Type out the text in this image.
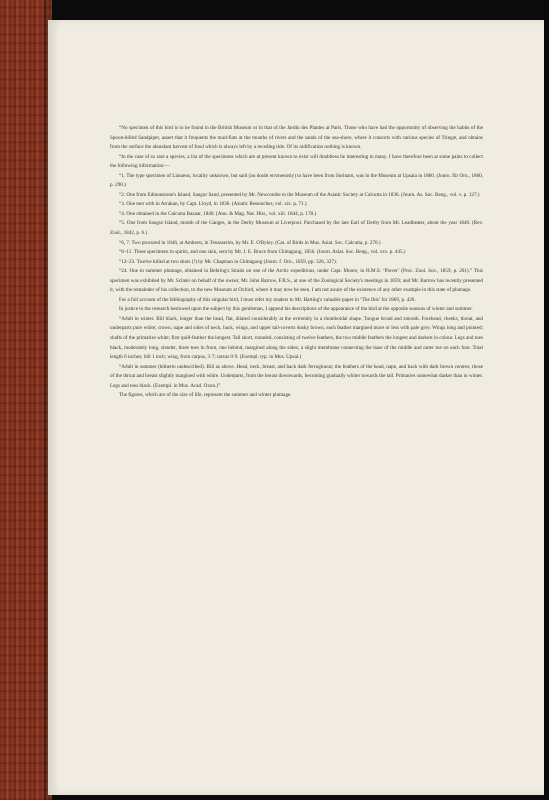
“No specimen of this bird is to be found in the British Museum or in that of the Jardin des Plantes at Paris. Those who have had the opportunity of observing the habits of the Spoon-billed Sandpiper, assert that it frequents the mud-flats at the mouths of rivers and the sands of the sea-shore, where it consorts with various species of Tringæ, and obtains from the surface the abundant harvest of food which is always left by a receding tide. Of its nidification nothing is known.

“In the case of so rare a species, a list of the specimens which are at present known to exist will doubtless be interesting to many. I have therefore been at some pains to collect the following information:—

“1. The type specimen of Linnæus, locality unknown, but said (no doubt erroneously) to have been from Surinam, was in the Museum at Upsala in 1860. (Journ. für Orn., 1860, p. 290.)

“2. One from Edmonstone's Island, Saugur Sand, presented by Mr. Newcombe to the Museum of the Asiatic Society at Calcutta in 1836. (Journ. As. Soc. Beng., vol. v. p. 127.)

“3. One met with in Arrakan, by Capt. Lloyd, in 1836. (Asiatic Researches, vol. xix. p. 71.)

“4. One obtained in the Calcutta Bazaar, 1840. (Ann. & Mag. Nat. Hist., vol. xiii. 1844, p. 178.)

“5. One from Saugur Island, month of the Ganges, in the Derby Museum at Liverpool. Purchased by the late Earl of Derby from Mr. Leadbeater, about the year 1840. (Rev. Zool., 1842, p. 6.)

“6, 7. Two procured in 1846, at Amherst, in Tenasserim, by Mr. E. O'Ryley. (Cat. of Birds in Mus. Asiat. Soc. Calcutta, p. 270.)

“8–11. Three specimens in spirits, and one skin, sent by Mr. J. E. Bruce from Chittagong, 1856. (Journ. Asiat. Soc. Beng., vol. xxv. p. 445.)

“12–23. Twelve killed at two shots (!) by Mr. Chapman in Chittagong (Journ. f. Orn., 1859, pp. 326, 327).

“24. One in summer plumage, obtained in Behring's Straits on one of the Arctic expeditions, under Capt. Moore, in H.M.S. ‘Plover’ (Proc. Zool. Soc., 1859, p. 201).” This specimen was exhibited by Mr. Sclater on behalf of the owner, Mr. John Barrow, F.R.S., at one of the Zoological Society's meetings in 1859; and Mr. Barrow has recently presented it, with the remainder of his collection, to the new Museum at Oxford, where it may now be seen. I am not aware of the existence of any other example in this state of plumage.

For a full account of the bibliography of this singular bird, I must refer my readers to Mr. Harting's valuable paper in ‘The Ibis’ for 1869, p. 426.

In justice to the research bestowed upon the subject by this gentleman, I append his descriptions of the appearance of the bird at the opposite seasons of winter and summer.

“Adult in winter. Bill black, longer than the head, flat, dilated considerably at the extremity in a rhomboidal shape. Tongue broad and smooth. Forehead, cheeks, throat, and underparts pure white; crown, nape and sides of neck, back, wings, and upper tail-coverts dusky brown, each feather margined more or less with pale grey. Wings long and pointed; shafts of the primaries white; first quill-feather the longest. Tail short, rounded, consisting of twelve feathers, the two middle feathers the longest and darkest in colour. Legs and toes black, moderately long, slender, three toes in front, one behind, margined along the sides; a slight membrane connecting the base of the middle and outer toe on each foot. Total length 6 inches; bill 1 inch; wing, from carpus, 3·7; tarsus 0·9. (Exempl. typ. in Mus. Upsal.)

“Adult in summer (hitherto undescribed). Bill as above. Head, neck, breast, and back dark ferruginous; the feathers of the head, nape, and back with dark brown centres; those of the throat and breast slightly margined with white. Underparts, from the breast downwards, becoming gradually whiter towards the tail. Primaries somewhat darker than in winter. Legs and toes black. (Exempl. in Mus. Acad. Oxon.)”

The figures, which are of the size of life, represent the summer and winter plumage.
